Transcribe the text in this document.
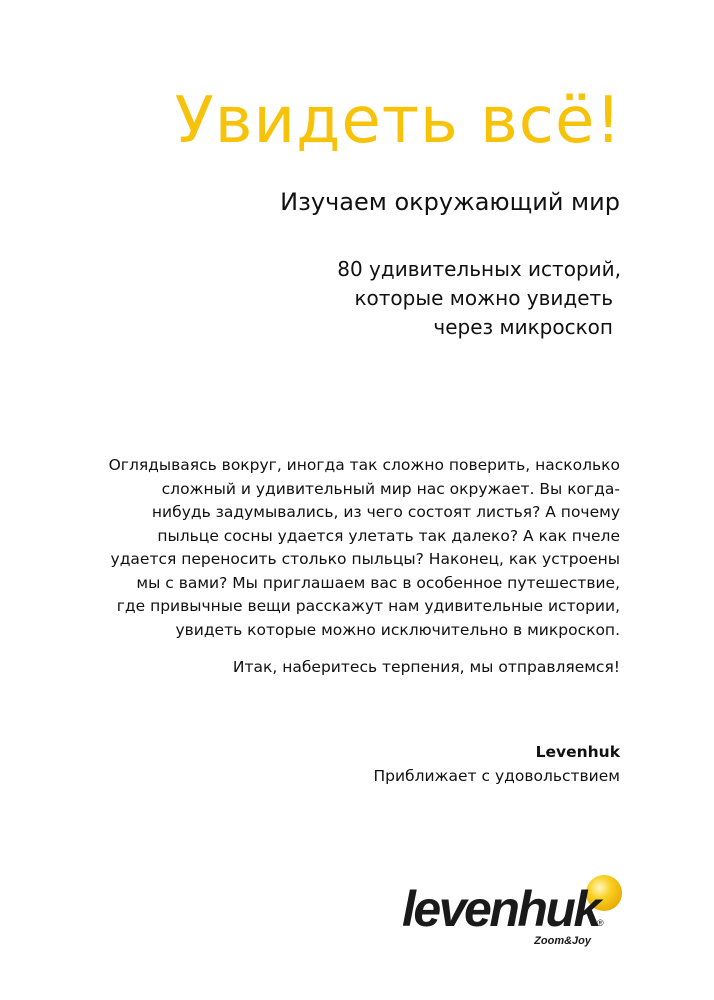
Увидеть всё!
Изучаем окружающий мир
80 удивительных историй,
которые можно увидеть
через микроскоп
Оглядываясь вокруг, иногда так сложно поверить, насколько
сложный и удивительный мир нас окружает. Вы когда-
нибудь задумывались, из чего состоят листья? А почему
пыльце сосны удается улетать так далеко? А как пчеле
удается переносить столько пыльцы? Наконец, как устроены
мы с вами? Мы приглашаем вас в особенное путешествие,
где привычные вещи расскажут нам удивительные истории,
увидеть которые можно исключительно в микроскоп.
Итак, наберитесь терпения, мы отправляемся!
Levenhuk
Приближает с удовольствием
levenhuk
®
Zoom&Joy
